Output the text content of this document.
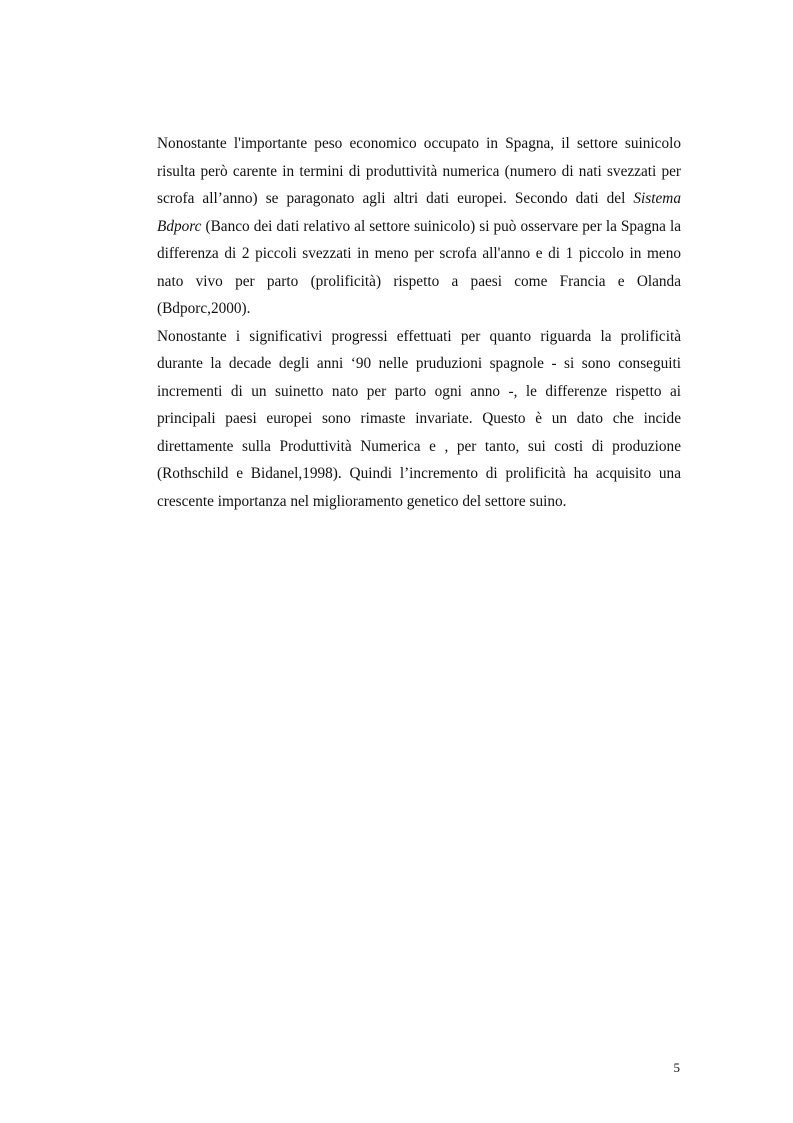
Nonostante l'importante peso economico occupato in Spagna, il settore suinicolo risulta però carente in termini di produttività numerica (numero di nati svezzati per scrofa all’anno) se paragonato agli altri dati europei. Secondo dati del Sistema Bdporc (Banco dei dati relativo al settore suinicolo) si può osservare per la Spagna la differenza di 2 piccoli svezzati in meno per scrofa all'anno e di 1 piccolo in meno nato vivo per parto (prolificità) rispetto a paesi come Francia e Olanda (Bdporc,2000).

Nonostante i significativi progressi effettuati per quanto riguarda la prolificità durante la decade degli anni ‘90 nelle pruduzioni spagnole - si sono conseguiti incrementi di un suinetto nato per parto ogni anno -, le differenze rispetto ai principali paesi europei sono rimaste invariate. Questo è un dato che incide direttamente sulla Produttività Numerica e , per tanto, sui costi di produzione (Rothschild e Bidanel,1998). Quindi l’incremento di prolificità ha acquisito una crescente importanza nel miglioramento genetico del settore suino.

5
